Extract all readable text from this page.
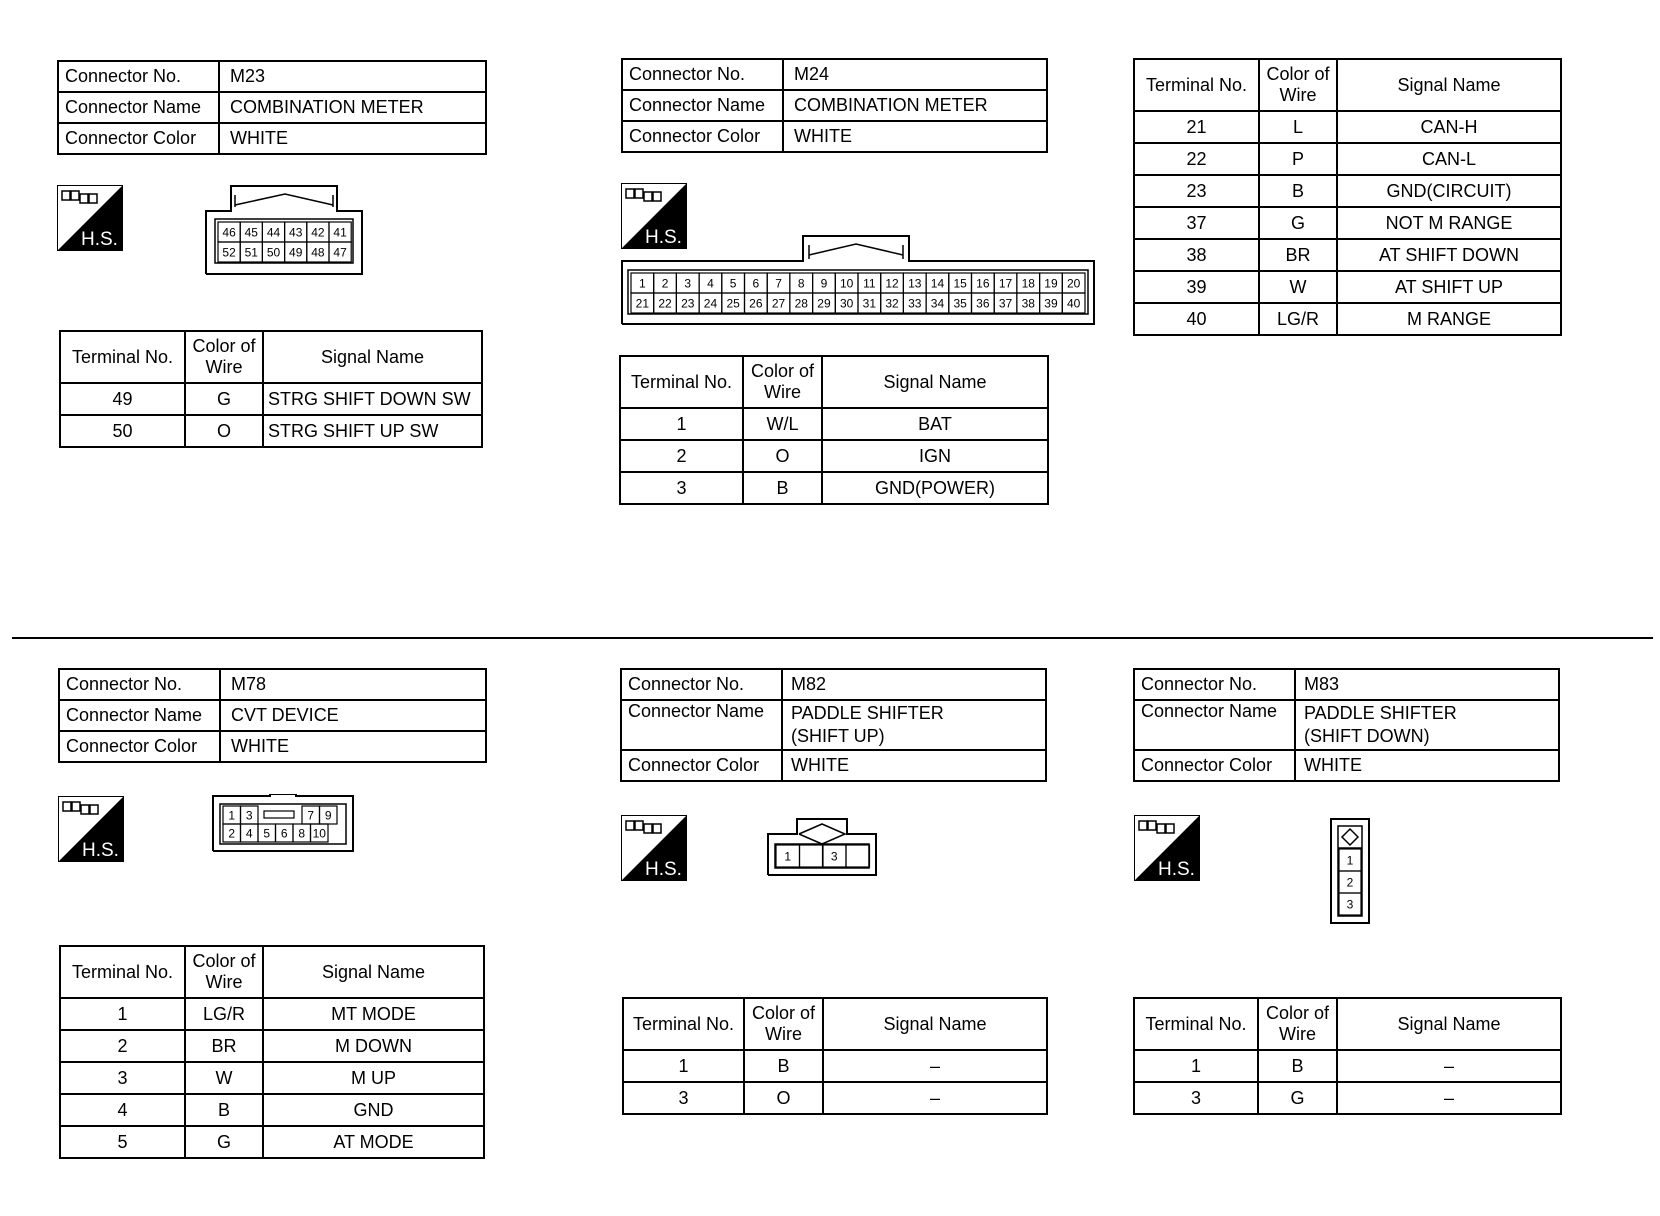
Connector No.	M23
Connector Name	COMBINATION METER
Connector Color	WHITE
H.S.	46 45 44 43 42 41
52 51 50 49 48 47
Terminal No.	Color of
Wire	Signal Name
49	G	STRG SHIFT DOWN SW
50	O	STRG SHIFT UP SW
Connector No.	M24
Connector Name	COMBINATION METER
Connector Color	WHITE
H.S.
1 2 3 4 5 6 7 8 9 10 11 12 13 14 15 16 17 18 19 20
21 22 23 24 25 26 27 28 29 30 31 32 33 34 35 36 37 38 39 40
Terminal No.	Color of
Wire	Signal Name
1	W/L	BAT
2	O	IGN
3	B	GND(POWER)
Terminal No.	Color of
Wire	Signal Name
21	L	CAN-H
22	P	CAN-L
23	B	GND(CIRCUIT)
37	G	NOT M RANGE
38	BR	AT SHIFT DOWN
39	W	AT SHIFT UP
40	LG/R	M RANGE
Connector No.	M78
Connector Name	CVT DEVICE
Connector Color	WHITE
H.S.
1 3	7 9
2 4 5 6 8 10
Terminal No.	Color of
Wire	Signal Name
1	LG/R	MT MODE
2	BR	M DOWN
3	W	M UP
4	B	GND
5	G	AT MODE
Connector No.	M82
Connector Name	PADDLE SHIFTER
(SHIFT UP)
Connector Color	WHITE
H.S.
1	3
Terminal No.	Color of
Wire	Signal Name
1	B	–
3	O	–
Connector No.	M83
Connector Name	PADDLE SHIFTER
(SHIFT DOWN)
Connector Color	WHITE
H.S.	1
2
3
Terminal No.	Color of
Wire	Signal Name
1	B	–
3	G	–
